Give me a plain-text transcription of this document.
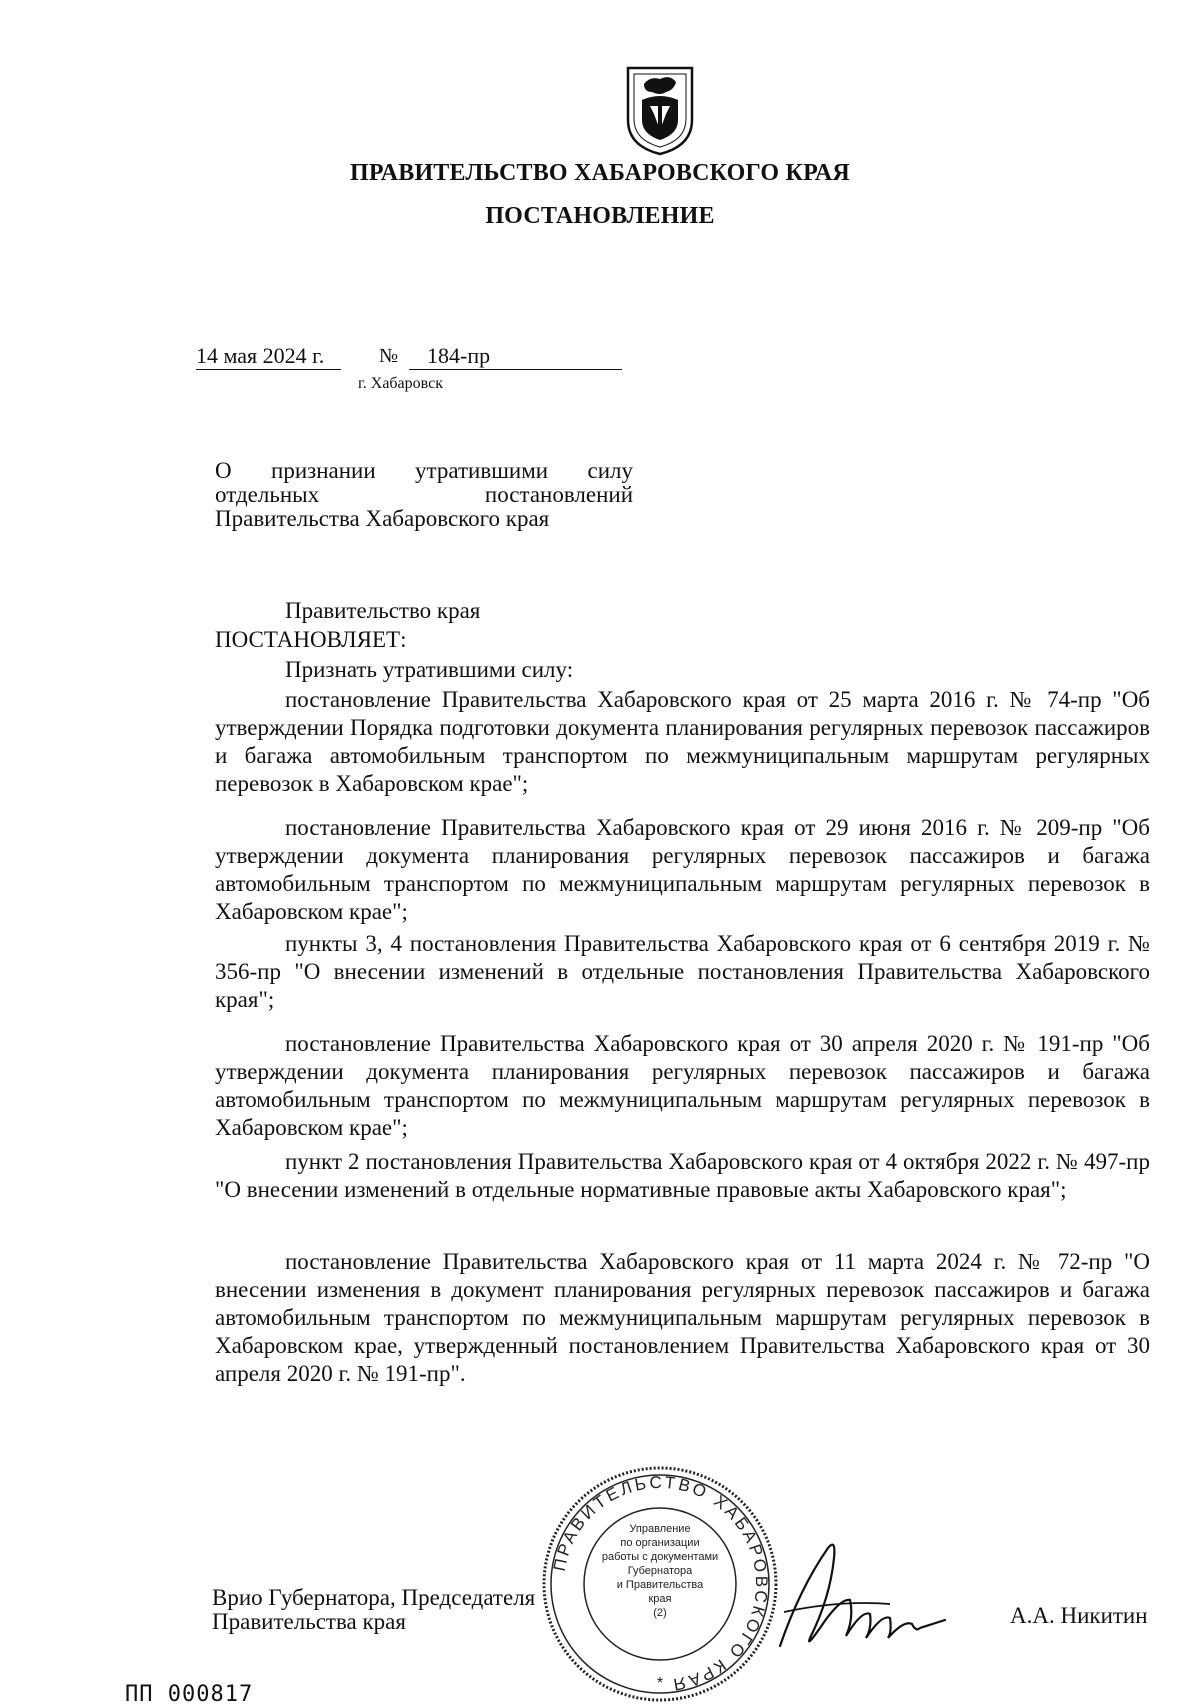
ПРАВИТЕЛЬСТВО ХАБАРОВСКОГО КРАЯ
ПОСТАНОВЛЕНИЕ
14 мая 2024 г.	№	184-пр
г. Хабаровск
О признании утратившими силу
отдельных	постановлений
Правительства Хабаровского края
Правительство края
ПОСТАНОВЛЯЕТ:
Признать утратившими силу:
постановление Правительства Хабаровского края от 25 марта 2016 г. № 74-пр "Об утверждении Порядка подготовки документа планирования регулярных перевозок пассажиров и багажа автомобильным транспортом по межмуниципальным маршрутам регулярных перевозок в Хабаровском крае";
постановление Правительства Хабаровского края от 29 июня 2016 г. № 209-пр "Об утверждении документа планирования регулярных перевозок пассажиров и багажа автомобильным транспортом по межмуниципальным маршрутам регулярных перевозок в Хабаровском крае";
пункты 3, 4 постановления Правительства Хабаровского края от 6 сентября 2019 г. № 356-пр "О внесении изменений в отдельные постановления Правительства Хабаровского края";
постановление Правительства Хабаровского края от 30 апреля 2020 г. № 191-пр "Об утверждении документа планирования регулярных перевозок пассажиров и багажа автомобильным транспортом по межмуниципальным маршрутам регулярных перевозок в Хабаровском крае";
пункт 2 постановления Правительства Хабаровского края от 4 октября 2022 г. № 497-пр "О внесении изменений в отдельные нормативные правовые акты Хабаровского края";
постановление Правительства Хабаровского края от 11 марта 2024 г. № 72-пр "О внесении изменения в документ планирования регулярных перевозок пассажиров и багажа автомобильным транспортом по межмуниципальным маршрутам регулярных перевозок в Хабаровском крае, утвержденный постановлением Правительства Хабаровского края от 30 апреля 2020 г. № 191-пр".
Врио Губернатора, Председателя
Правительства края	А.А. Никитин
ПРАВИТЕЛЬСТВО ХАБАРОВСКОГО КРАЯ
*
Управление
по организации
работы с документами
Губернатора
и Правительства
края
(2)
ПП 000817
